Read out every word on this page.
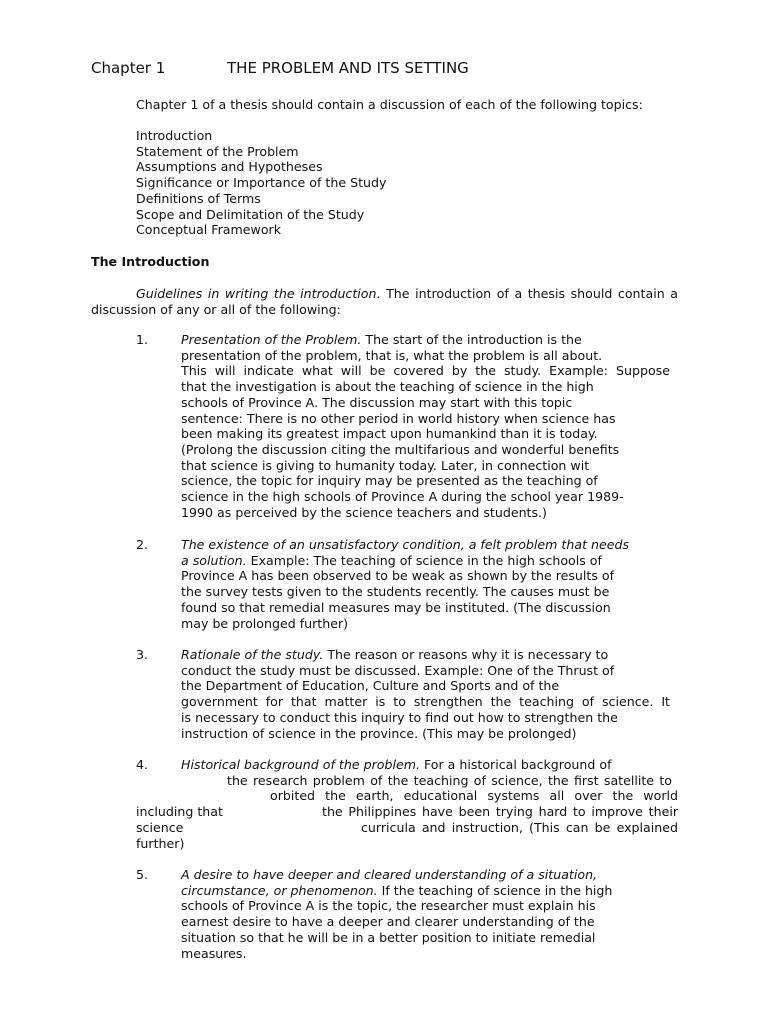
Chapter 1	THE PROBLEM AND ITS SETTING
Chapter 1 of a thesis should contain a discussion of each of the following topics:
Introduction
Statement of the Problem
Assumptions and Hypotheses
Significance or Importance of the Study
Definitions of Terms
Scope and Delimitation of the Study
Conceptual Framework
The Introduction
Guidelines in writing the introduction. The introduction of a thesis should contain a
discussion of any or all of the following:
1.	Presentation of the Problem. The start of the introduction is the
presentation of the problem, that is, what the problem is all about.
This will indicate what will be covered by the study. Example: Suppose
that the investigation is about the teaching of science in the high
schools of Province A. The discussion may start with this topic
sentence: There is no other period in world history when science has
been making its greatest impact upon humankind than it is today.
(Prolong the discussion citing the multifarious and wonderful benefits
that science is giving to humanity today. Later, in connection wit
science, the topic for inquiry may be presented as the teaching of
science in the high schools of Province A during the school year 1989-
1990 as perceived by the science teachers and students.)
2.	The existence of an unsatisfactory condition, a felt problem that needs
a solution. Example: The teaching of science in the high schools of
Province A has been observed to be weak as shown by the results of
the survey tests given to the students recently. The causes must be
found so that remedial measures may be instituted. (The discussion
may be prolonged further)
3.	Rationale of the study. The reason or reasons why it is necessary to
conduct the study must be discussed. Example: One of the Thrust of
the Department of Education, Culture and Sports and of the
government for that matter is to strengthen the teaching of science. It
is necessary to conduct this inquiry to find out how to strengthen the
instruction of science in the province. (This may be prolonged)
4.	Historical background of the problem. For a historical background of
the research problem of the teaching of science, the first satellite to
orbited the earth, educational systems all over the world
including that	the Philippines have been trying hard to improve their
science	curricula and instruction, (This can be explained
further)
5.	A desire to have deeper and cleared understanding of a situation,
circumstance, or phenomenon. If the teaching of science in the high
schools of Province A is the topic, the researcher must explain his
earnest desire to have a deeper and clearer understanding of the
situation so that he will be in a better position to initiate remedial
measures.
